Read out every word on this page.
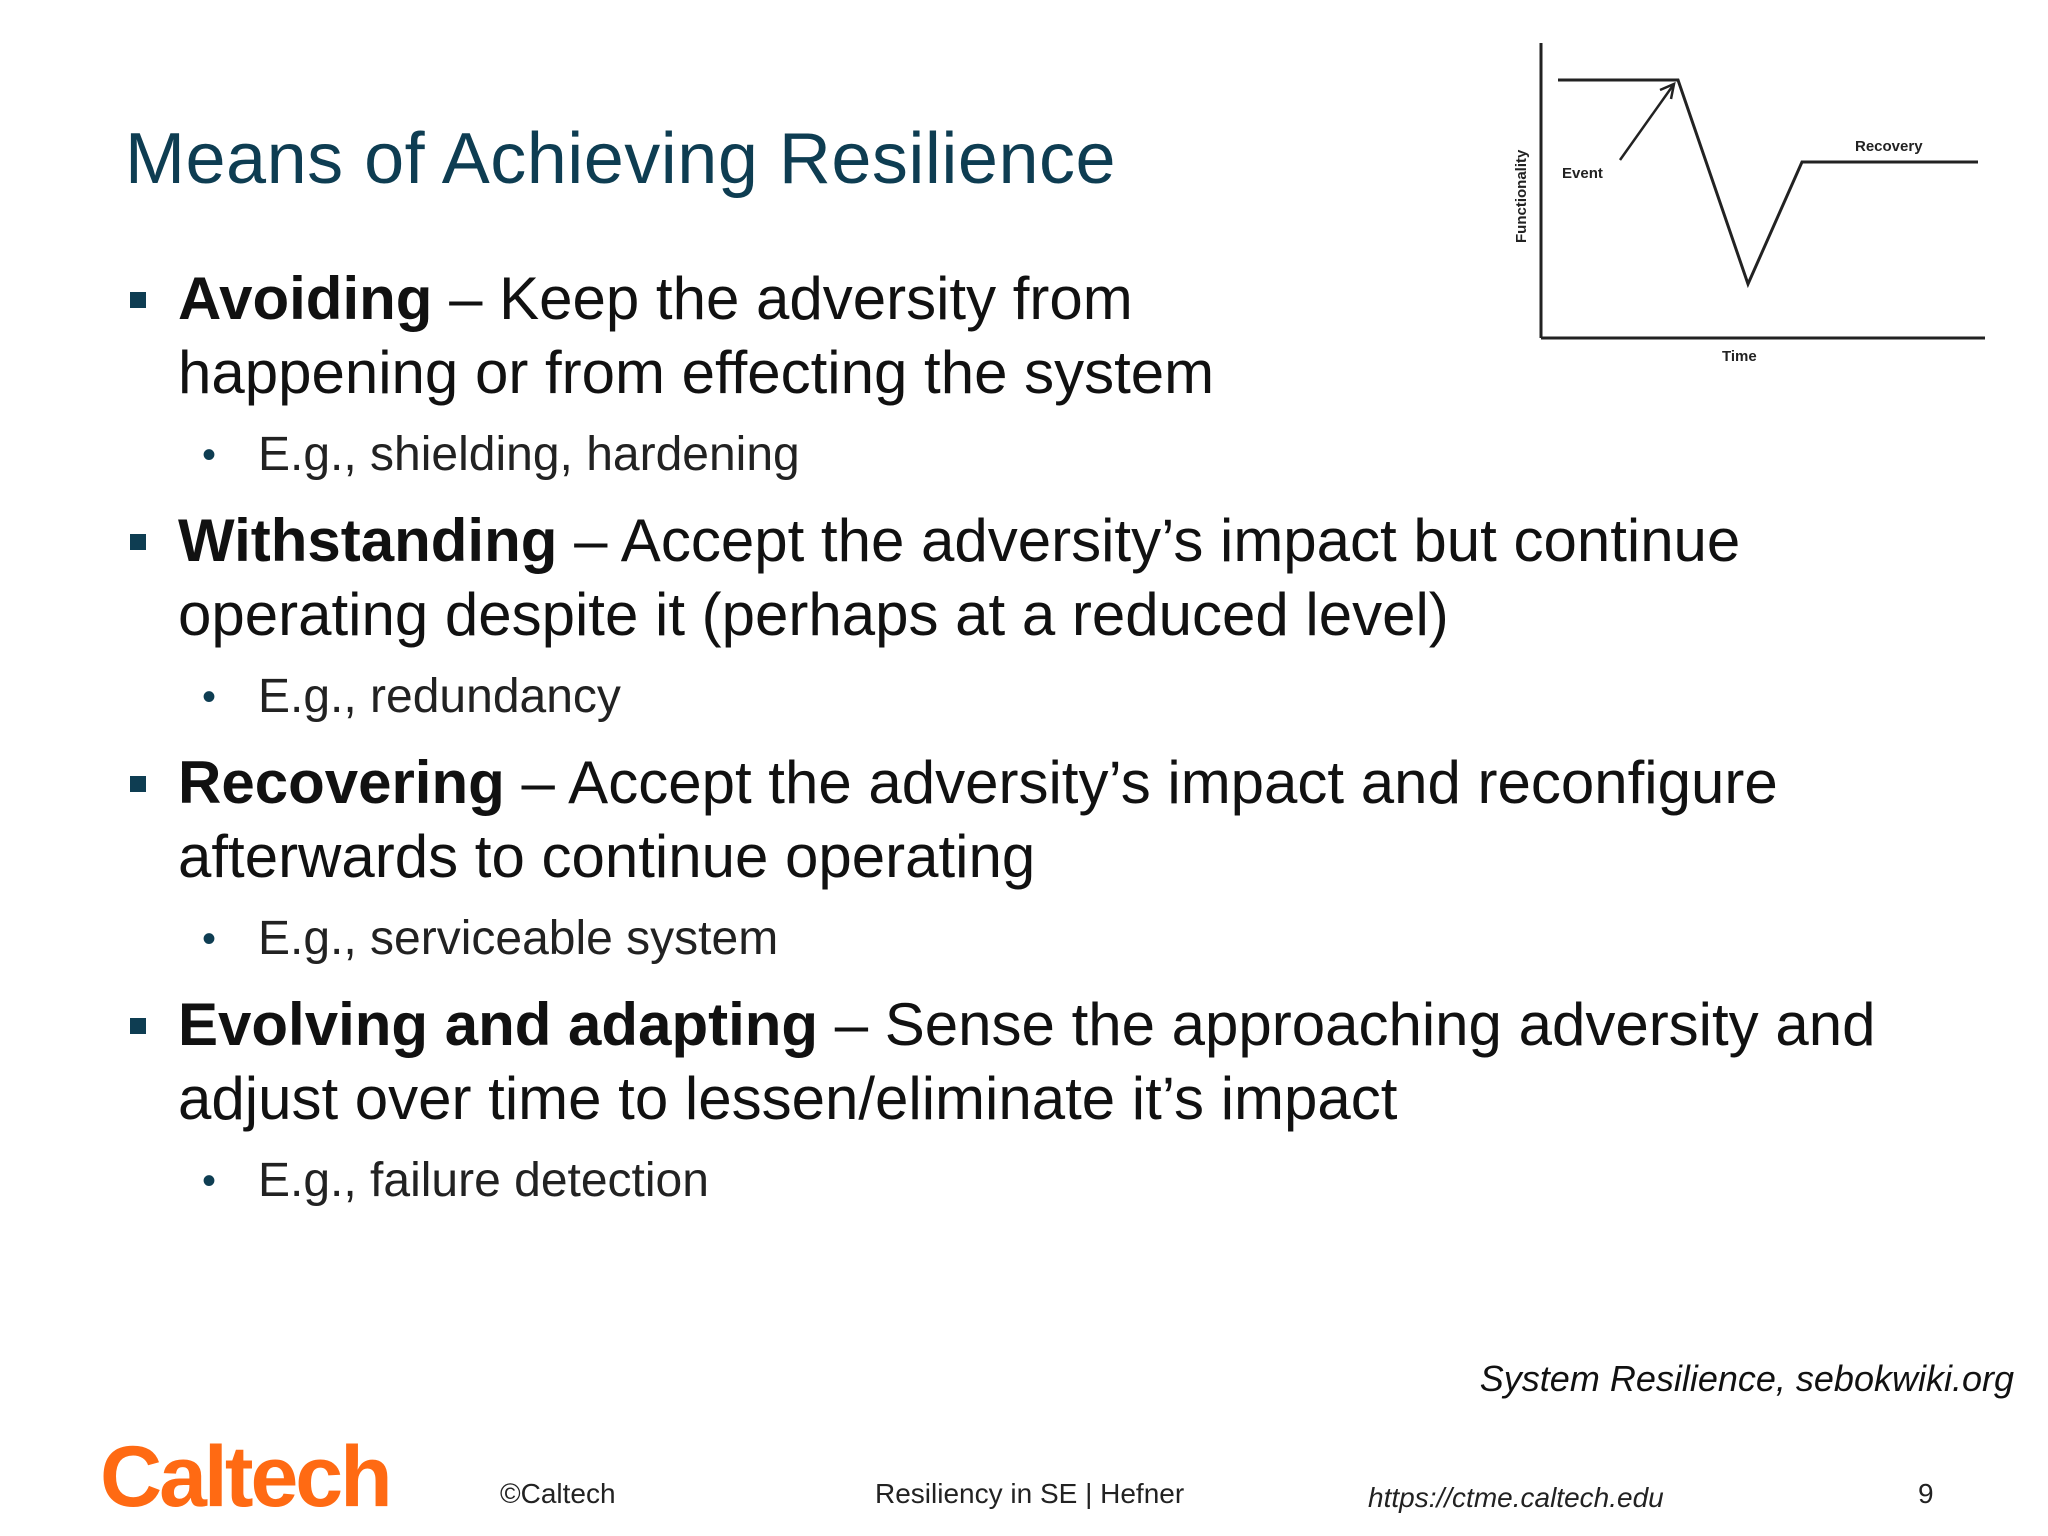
Means of Achieving Resilience	Event
Recovery
Functionality
Time
Avoiding – Keep the adversity from happening or from effecting the system
• E.g., shielding, hardening
Withstanding – Accept the adversity’s impact but continue operating despite it (perhaps at a reduced level)
• E.g., redundancy
Recovering – Accept the adversity’s impact and reconfigure afterwards to continue operating
• E.g., serviceable system
Evolving and adapting – Sense the approaching adversity and adjust over time to lessen/eliminate it’s impact
• E.g., failure detection
System Resilience, sebokwiki.org
Caltech	©Caltech	Resiliency in SE | Hefner	https://ctme.caltech.edu	9
